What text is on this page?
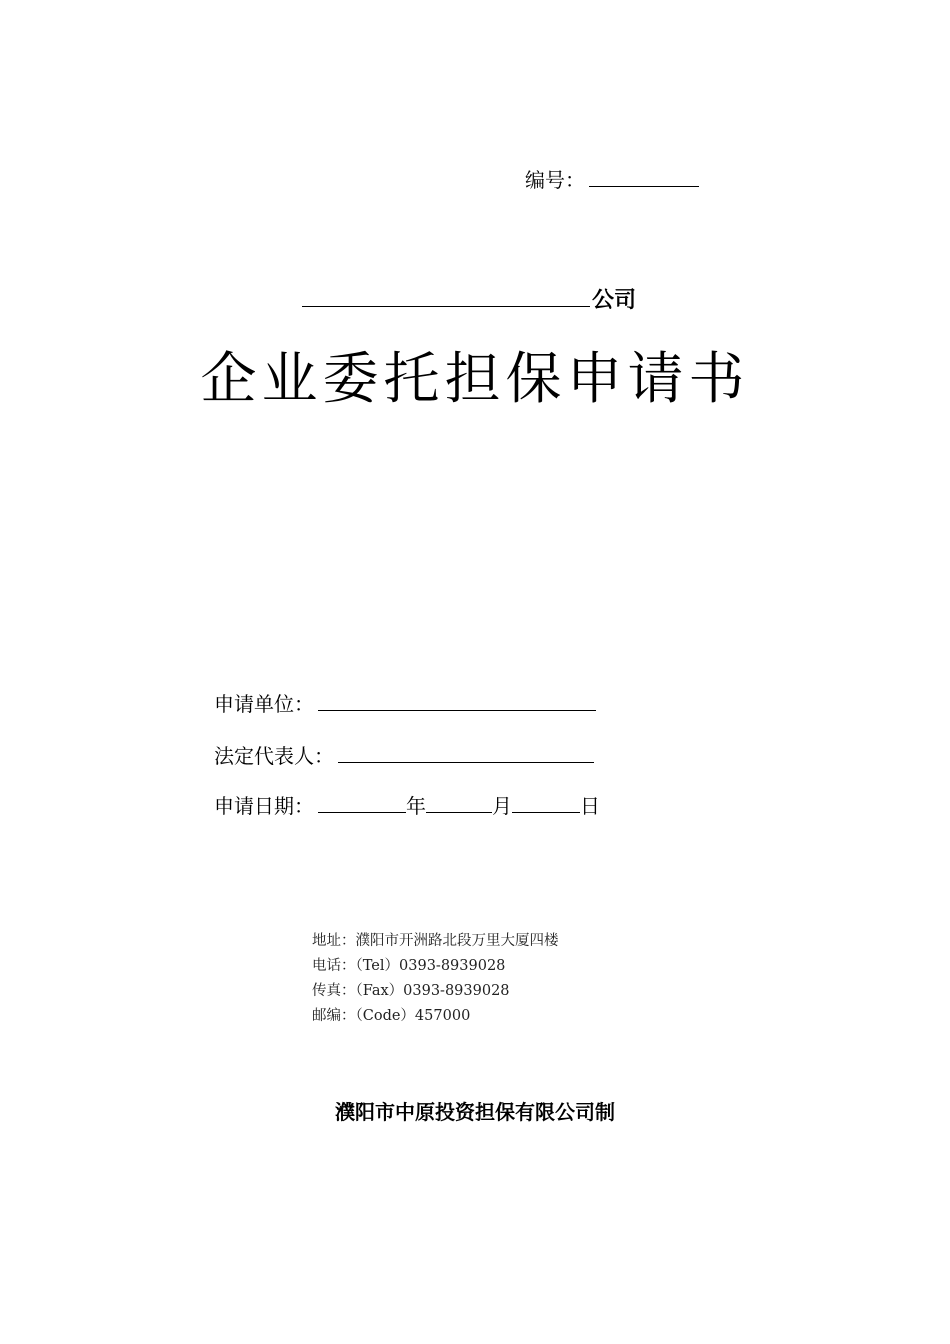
编号：
公司
企业委托担保申请书
申请单位：
法定代表人：
申请日期：	年	月	日
地址：濮阳市开洲路北段万里大厦四楼
电话：（Tel）0393-8939028
传真：（Fax）0393-8939028
邮编：（Code）457000
濮阳市中原投资担保有限公司制
